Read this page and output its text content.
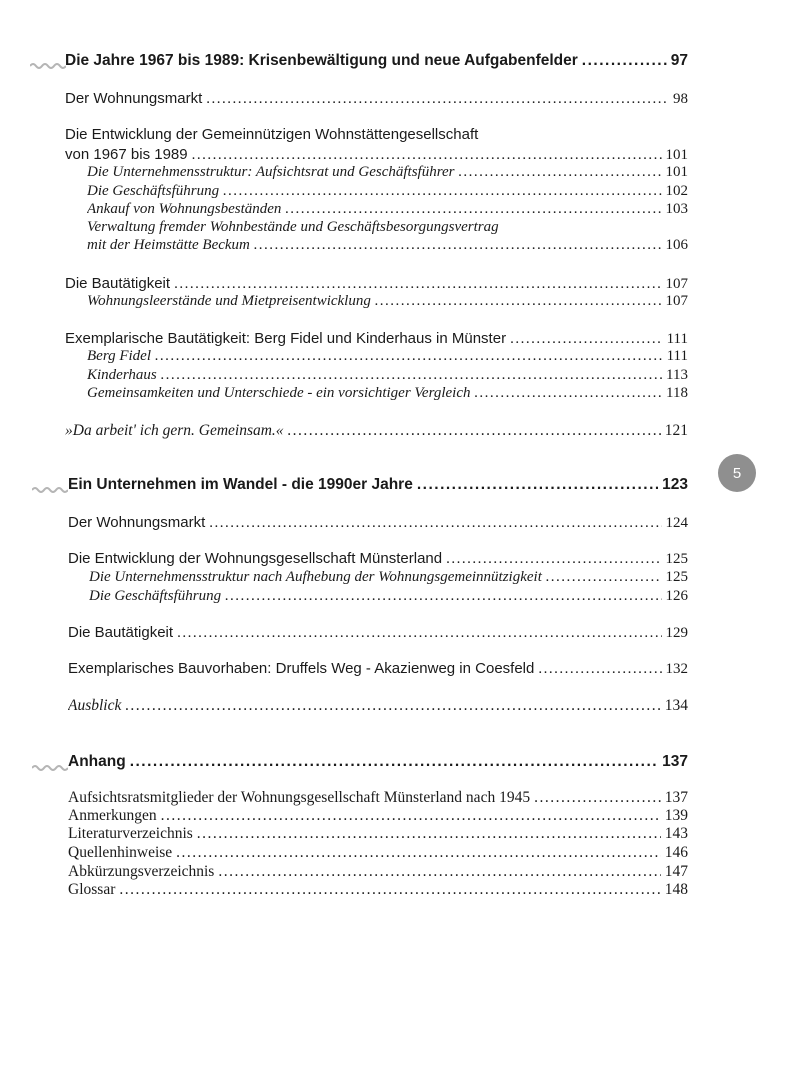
Die Jahre 1967 bis 1989: Krisenbewältigung und neue Aufgabenfelder .....	97
Der Wohnungsmarkt .....	98
Die Entwicklung der Gemeinnützigen Wohnstättengesellschaft
von 1967 bis 1989 .....	101
Die Unternehmensstruktur: Aufsichtsrat und Geschäftsführer .....	101
Die Geschäftsführung .....	102
Ankauf von Wohnungsbeständen .....	103
Verwaltung fremder Wohnbestände und Geschäftsbesorgungsvertrag
mit der Heimstätte Beckum .....	106
Die Bautätigkeit .....	107
Wohnungsleerstände und Mietpreisentwicklung .....	107
Exemplarische Bautätigkeit: Berg Fidel und Kinderhaus in Münster .....	111
Berg Fidel .....	111
Kinderhaus .....	113
Gemeinsamkeiten und Unterschiede - ein vorsichtiger Vergleich .....	118
»Da arbeit' ich gern. Gemeinsam.« .....	121
Ein Unternehmen im Wandel - die 1990er Jahre .....	123
Der Wohnungsmarkt .....	124
Die Entwicklung der Wohnungsgesellschaft Münsterland .....	125
Die Unternehmensstruktur nach Aufhebung der Wohnungsgemeinnützigkeit .....	125
Die Geschäftsführung .....	126
Die Bautätigkeit .....	129
Exemplarisches Bauvorhaben: Druffels Weg - Akazienweg in Coesfeld .....	132
Ausblick .....	134
Anhang .....	137
Aufsichtsratsmitglieder der Wohnungsgesellschaft Münsterland nach 1945 .....	137
Anmerkungen .....	139
Literaturverzeichnis .....	143
Quellenhinweise .....	146
Abkürzungsverzeichnis .....	147
Glossar .....	148
5
